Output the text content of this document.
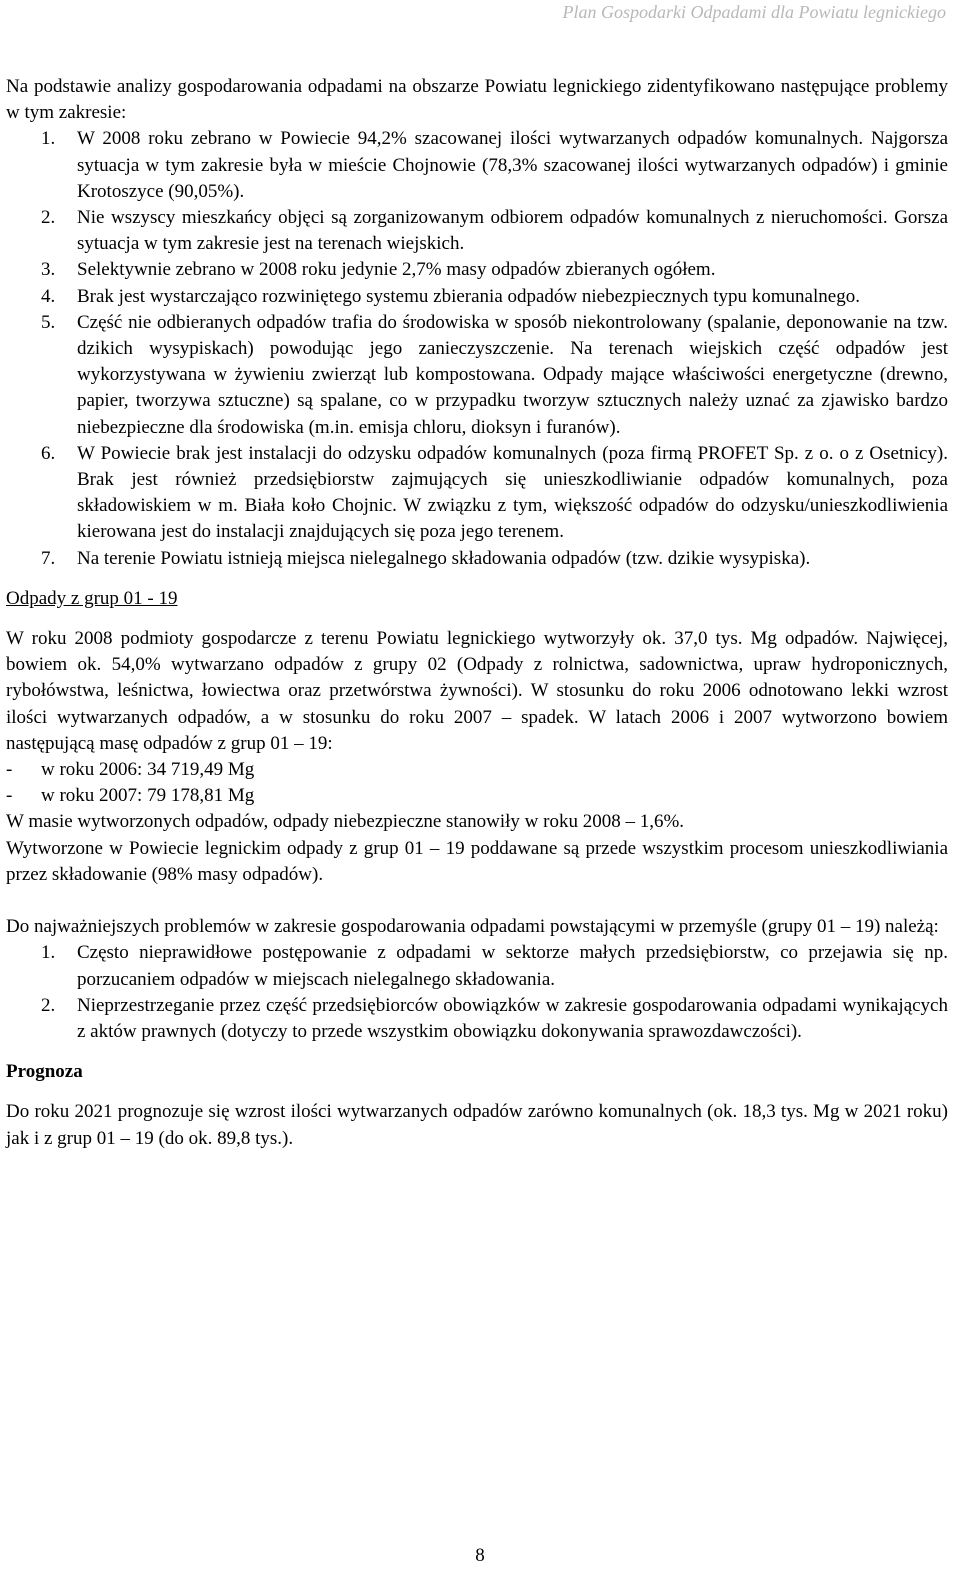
Plan Gospodarki Odpadami dla Powiatu legnickiego

Na podstawie analizy gospodarowania odpadami na obszarze Powiatu legnickiego zidentyfikowano następujące problemy w tym zakresie:

1. W 2008 roku zebrano w Powiecie 94,2% szacowanej ilości wytwarzanych odpadów komunalnych. Najgorsza sytuacja w tym zakresie była w mieście Chojnowie (78,3% szacowanej ilości wytwarzanych odpadów) i gminie Krotoszyce (90,05%).
2. Nie wszyscy mieszkańcy objęci są zorganizowanym odbiorem odpadów komunalnych z nieruchomości. Gorsza sytuacja w tym zakresie jest na terenach wiejskich.
3. Selektywnie zebrano w 2008 roku jedynie 2,7% masy odpadów zbieranych ogółem.
4. Brak jest wystarczająco rozwiniętego systemu zbierania odpadów niebezpiecznych typu komunalnego.
5. Część nie odbieranych odpadów trafia do środowiska w sposób niekontrolowany (spalanie, deponowanie na tzw. dzikich wysypiskach) powodując jego zanieczyszczenie. Na terenach wiejskich część odpadów jest wykorzystywana w żywieniu zwierząt lub kompostowana. Odpady mające właściwości energetyczne (drewno, papier, tworzywa sztuczne) są spalane, co w przypadku tworzyw sztucznych należy uznać za zjawisko bardzo niebezpieczne dla środowiska (m.in. emisja chloru, dioksyn i furanów).
6. W Powiecie brak jest instalacji do odzysku odpadów komunalnych (poza firmą PROFET Sp. z o. o z Osetnicy). Brak jest również przedsiębiorstw zajmujących się unieszkodliwianie odpadów komunalnych, poza składowiskiem w m. Biała koło Chojnic. W związku z tym, większość odpadów do odzysku/unieszkodliwienia kierowana jest do instalacji znajdujących się poza jego terenem.
7. Na terenie Powiatu istnieją miejsca nielegalnego składowania odpadów (tzw. dzikie wysypiska).

Odpady z grup 01 - 19

W roku 2008 podmioty gospodarcze z terenu Powiatu legnickiego wytworzyły ok. 37,0 tys. Mg odpadów. Najwięcej, bowiem ok. 54,0% wytwarzano odpadów z grupy 02 (Odpady z rolnictwa, sadownictwa, upraw hydroponicznych, rybołówstwa, leśnictwa, łowiectwa oraz przetwórstwa żywności). W stosunku do roku 2006 odnotowano lekki wzrost ilości wytwarzanych odpadów, a w stosunku do roku 2007 – spadek. W latach 2006 i 2007 wytworzono bowiem następującą masę odpadów z grup 01 – 19:

- w roku 2006: 34 719,49 Mg
- w roku 2007: 79 178,81 Mg

W masie wytworzonych odpadów, odpady niebezpieczne stanowiły w roku 2008 – 1,6%.

Wytworzone w Powiecie legnickim odpady z grup 01 – 19 poddawane są przede wszystkim procesom unieszkodliwiania przez składowanie (98% masy odpadów).

Do najważniejszych problemów w zakresie gospodarowania odpadami powstającymi w przemyśle (grupy 01 – 19) należą:

1. Często nieprawidłowe postępowanie z odpadami w sektorze małych przedsiębiorstw, co przejawia się np. porzucaniem odpadów w miejscach nielegalnego składowania.
2. Nieprzestrzeganie przez część przedsiębiorców obowiązków w zakresie gospodarowania odpadami wynikających z aktów prawnych (dotyczy to przede wszystkim obowiązku dokonywania sprawozdawczości).

Prognoza

Do roku 2021 prognozuje się wzrost ilości wytwarzanych odpadów zarówno komunalnych (ok. 18,3 tys. Mg w 2021 roku) jak i z grup 01 – 19 (do ok. 89,8 tys.).

8
